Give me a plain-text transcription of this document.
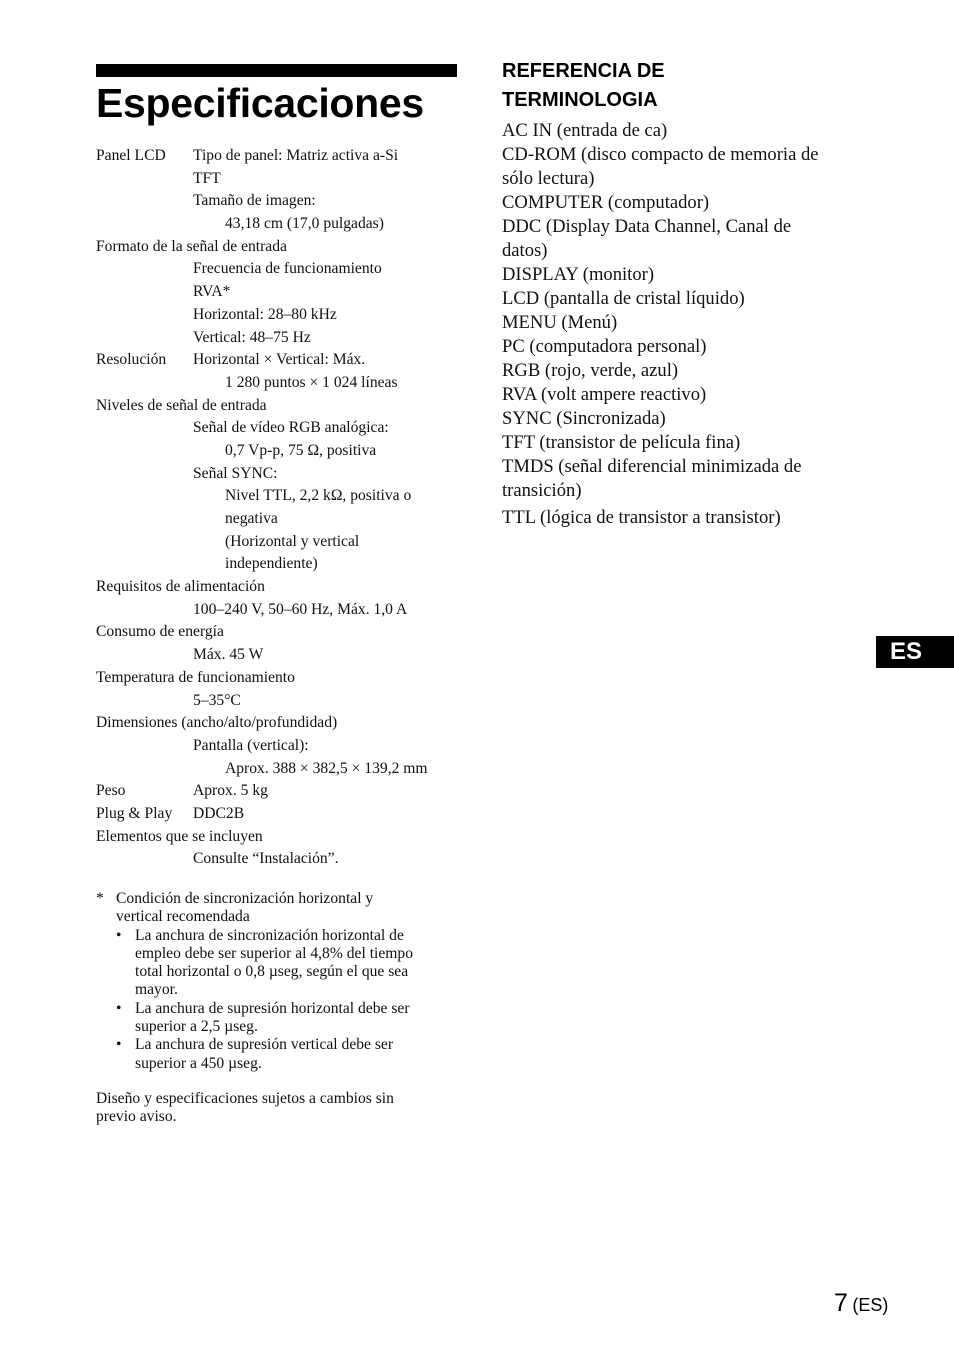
Especificaciones
Panel LCD Tipo de panel: Matriz activa a-Si
TFT
Tamaño de imagen:
43,18 cm (17,0 pulgadas)
Formato de la señal de entrada
Frecuencia de funcionamiento
RVA*
Horizontal: 28–80 kHz
Vertical: 48–75 Hz
Resolución Horizontal × Vertical: Máx.
1 280 puntos × 1 024 líneas
Niveles de señal de entrada
Señal de vídeo RGB analógica:
0,7 Vp-p, 75 Ω, positiva
Señal SYNC:
Nivel TTL, 2,2 kΩ, positiva o
negativa
(Horizontal y vertical
independiente)
Requisitos de alimentación
100–240 V, 50–60 Hz, Máx. 1,0 A
Consumo de energía
Máx. 45 W
Temperatura de funcionamiento
5–35°C
Dimensiones (ancho/alto/profundidad)
Pantalla (vertical):
Aprox. 388 × 382,5 × 139,2 mm
Peso	Aprox. 5 kg
Plug & Play DDC2B
Elementos que se incluyen
Consulte “Instalación”.
* Condición de sincronización horizontal y
vertical recomendada
• La anchura de sincronización horizontal de
empleo debe ser superior al 4,8% del tiempo
total horizontal o 0,8 µseg, según el que sea
mayor.
• La anchura de supresión horizontal debe ser
superior a 2,5 µseg.
• La anchura de supresión vertical debe ser
superior a 450 µseg.
Diseño y especificaciones sujetos a cambios sin
previo aviso.
REFERENCIA DE
TERMINOLOGIA
AC IN (entrada de ca)
CD-ROM (disco compacto de memoria de
sólo lectura)
COMPUTER (computador)
DDC (Display Data Channel, Canal de
datos)
DISPLAY (monitor)
LCD (pantalla de cristal líquido)
MENU (Menú)
PC (computadora personal)
RGB (rojo, verde, azul)
RVA (volt ampere reactivo)
SYNC (Sincronizada)
TFT (transistor de película fina)
TMDS (señal diferencial minimizada de
transición)
TTL (lógica de transistor a transistor)
ES
7 (ES)
